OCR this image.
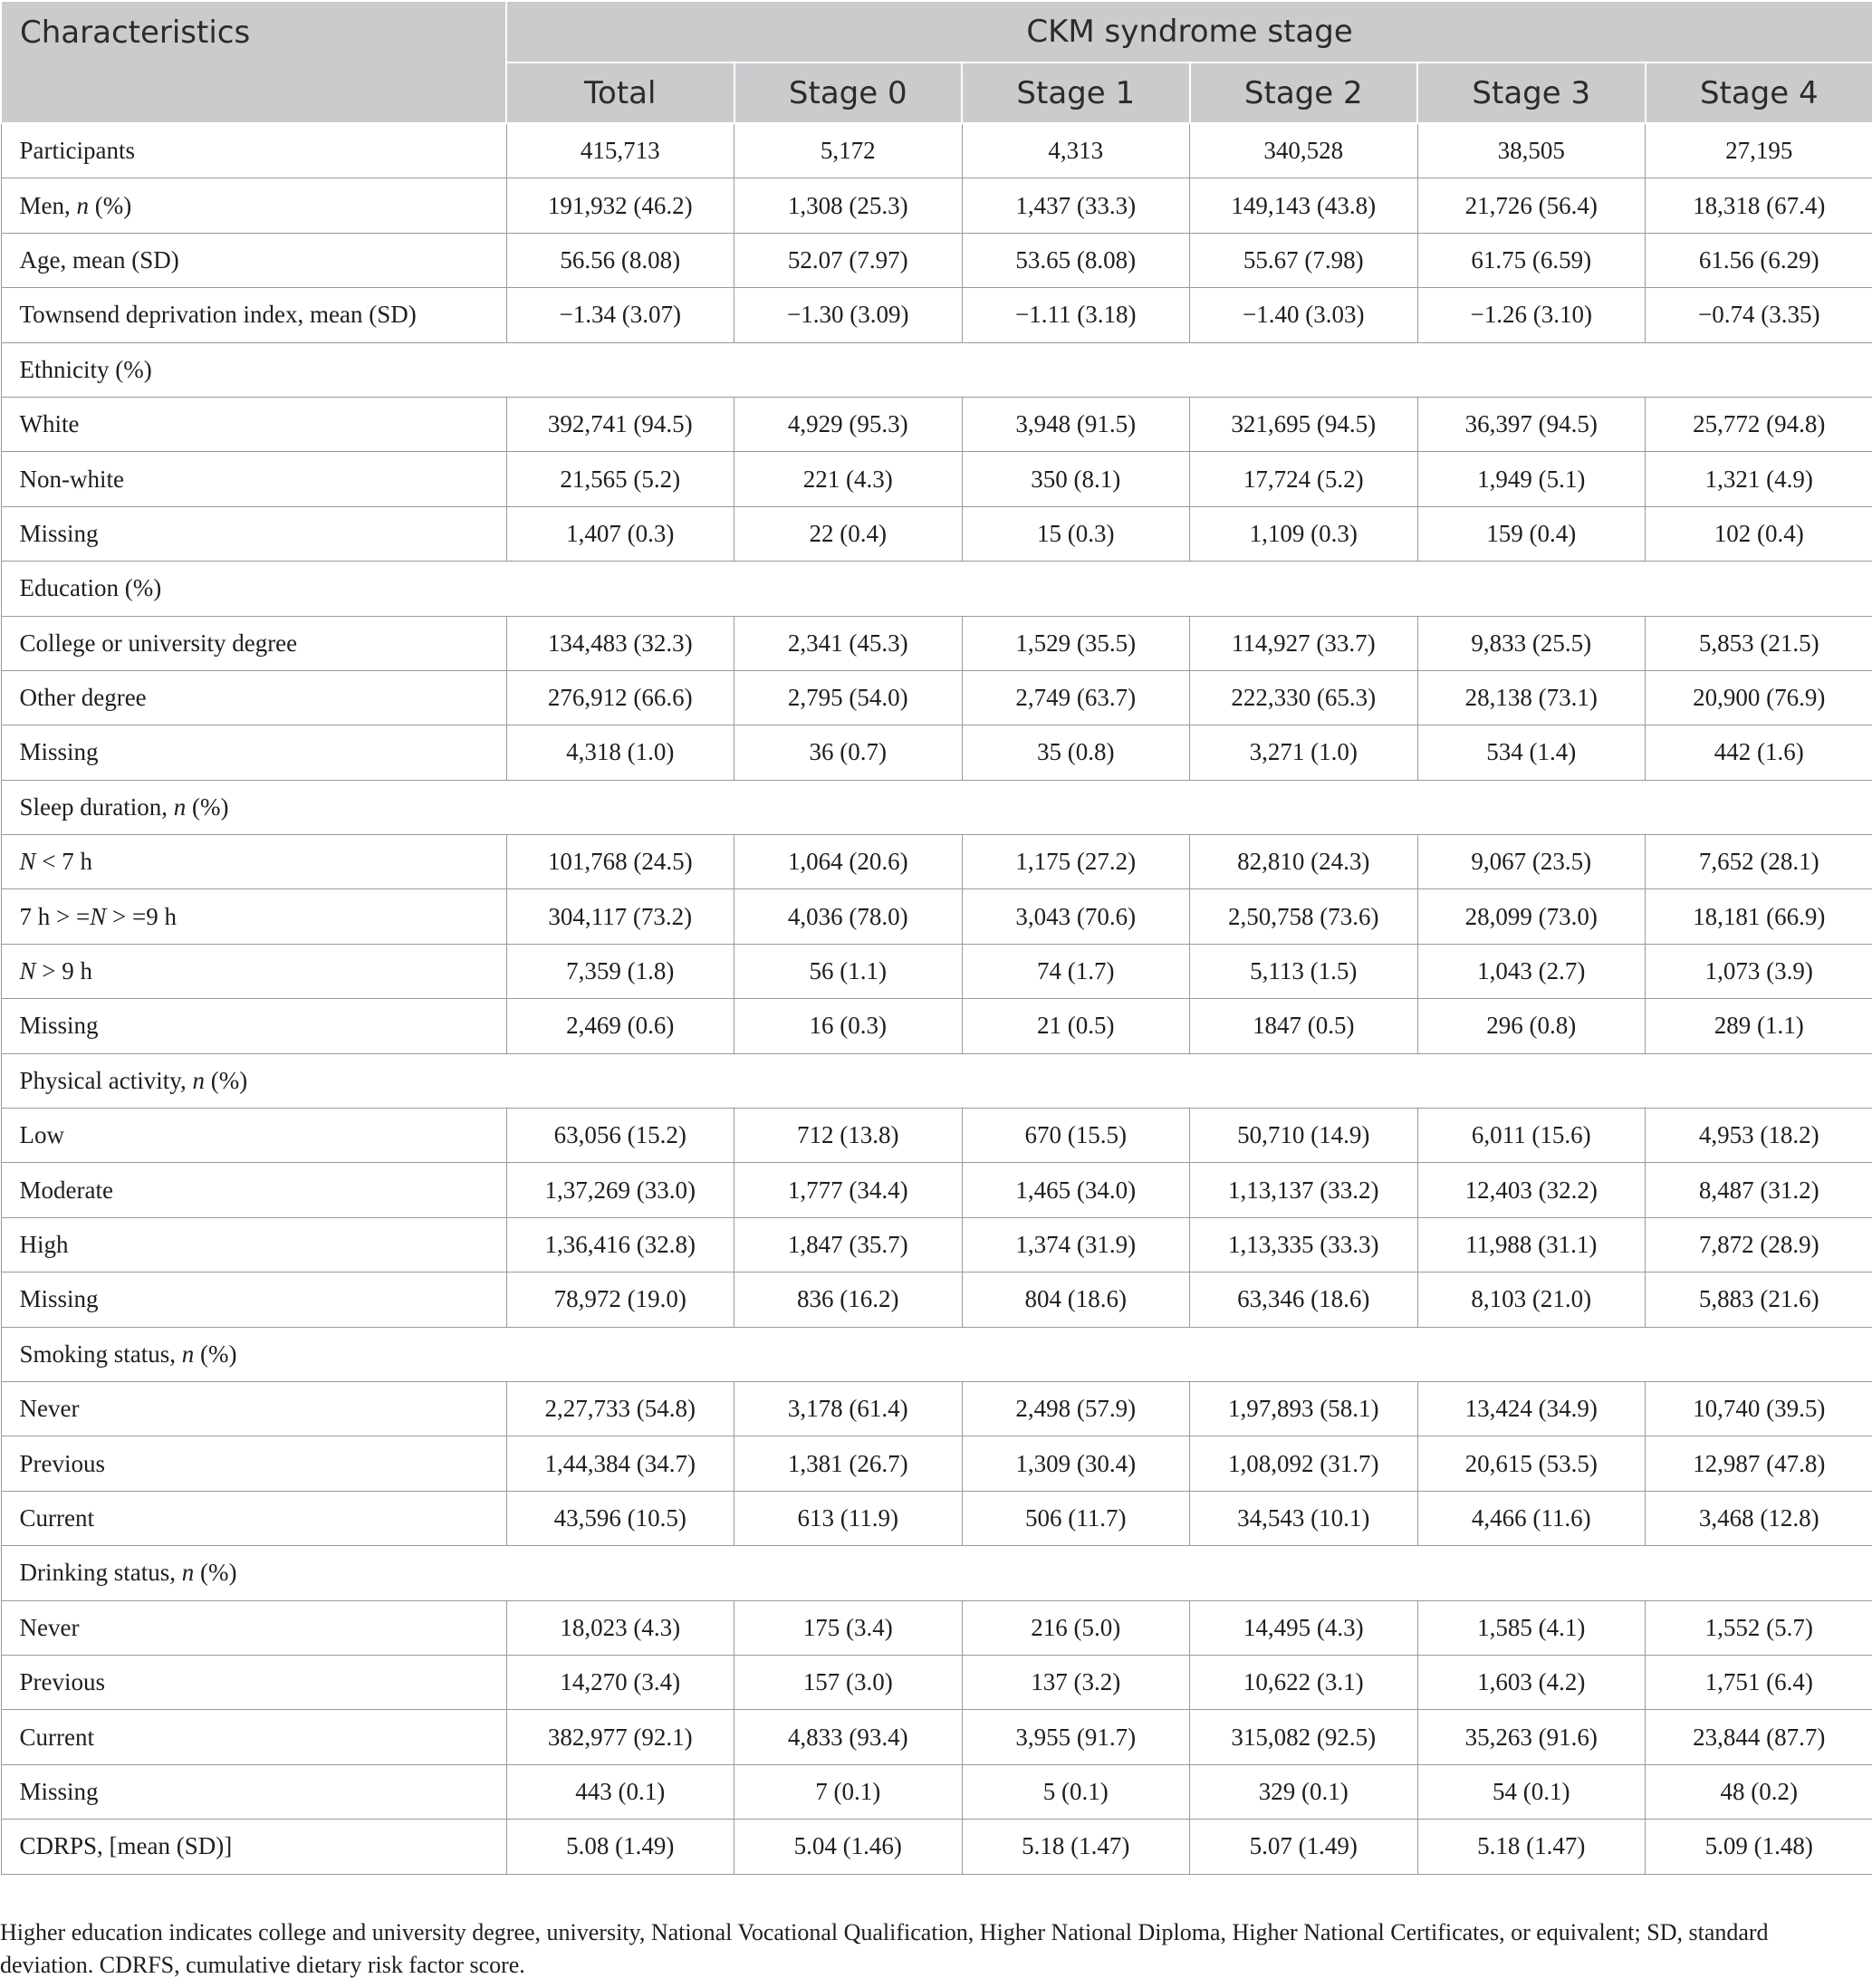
Characteristics	CKM syndrome stage					
	Total	Stage 0	Stage 1	Stage 2	Stage 3	Stage 4
Participants	415,713	5,172	4,313	340,528	38,505	27,195
Men, n (%)	191,932 (46.2)	1,308 (25.3)	1,437 (33.3)	149,143 (43.8)	21,726 (56.4)	18,318 (67.4)
Age, mean (SD)	56.56 (8.08)	52.07 (7.97)	53.65 (8.08)	55.67 (7.98)	61.75 (6.59)	61.56 (6.29)
Townsend deprivation index, mean (SD)	−1.34 (3.07)	−1.30 (3.09)	−1.11 (3.18)	−1.40 (3.03)	−1.26 (3.10)	−0.74 (3.35)
Ethnicity (%)						
White	392,741 (94.5)	4,929 (95.3)	3,948 (91.5)	321,695 (94.5)	36,397 (94.5)	25,772 (94.8)
Non-white	21,565 (5.2)	221 (4.3)	350 (8.1)	17,724 (5.2)	1,949 (5.1)	1,321 (4.9)
Missing	1,407 (0.3)	22 (0.4)	15 (0.3)	1,109 (0.3)	159 (0.4)	102 (0.4)
Education (%)						
College or university degree	134,483 (32.3)	2,341 (45.3)	1,529 (35.5)	114,927 (33.7)	9,833 (25.5)	5,853 (21.5)
Other degree	276,912 (66.6)	2,795 (54.0)	2,749 (63.7)	222,330 (65.3)	28,138 (73.1)	20,900 (76.9)
Missing	4,318 (1.0)	36 (0.7)	35 (0.8)	3,271 (1.0)	534 (1.4)	442 (1.6)
Sleep duration, n (%)						
N < 7 h	101,768 (24.5)	1,064 (20.6)	1,175 (27.2)	82,810 (24.3)	9,067 (23.5)	7,652 (28.1)
7 h > =N > =9 h	304,117 (73.2)	4,036 (78.0)	3,043 (70.6)	2,50,758 (73.6)	28,099 (73.0)	18,181 (66.9)
N > 9 h	7,359 (1.8)	56 (1.1)	74 (1.7)	5,113 (1.5)	1,043 (2.7)	1,073 (3.9)
Missing	2,469 (0.6)	16 (0.3)	21 (0.5)	1847 (0.5)	296 (0.8)	289 (1.1)
Physical activity, n (%)						
Low	63,056 (15.2)	712 (13.8)	670 (15.5)	50,710 (14.9)	6,011 (15.6)	4,953 (18.2)
Moderate	1,37,269 (33.0)	1,777 (34.4)	1,465 (34.0)	1,13,137 (33.2)	12,403 (32.2)	8,487 (31.2)
High	1,36,416 (32.8)	1,847 (35.7)	1,374 (31.9)	1,13,335 (33.3)	11,988 (31.1)	7,872 (28.9)
Missing	78,972 (19.0)	836 (16.2)	804 (18.6)	63,346 (18.6)	8,103 (21.0)	5,883 (21.6)
Smoking status, n (%)						
Never	2,27,733 (54.8)	3,178 (61.4)	2,498 (57.9)	1,97,893 (58.1)	13,424 (34.9)	10,740 (39.5)
Previous	1,44,384 (34.7)	1,381 (26.7)	1,309 (30.4)	1,08,092 (31.7)	20,615 (53.5)	12,987 (47.8)
Current	43,596 (10.5)	613 (11.9)	506 (11.7)	34,543 (10.1)	4,466 (11.6)	3,468 (12.8)
Drinking status, n (%)						
Never	18,023 (4.3)	175 (3.4)	216 (5.0)	14,495 (4.3)	1,585 (4.1)	1,552 (5.7)
Previous	14,270 (3.4)	157 (3.0)	137 (3.2)	10,622 (3.1)	1,603 (4.2)	1,751 (6.4)
Current	382,977 (92.1)	4,833 (93.4)	3,955 (91.7)	315,082 (92.5)	35,263 (91.6)	23,844 (87.7)
Missing	443 (0.1)	7 (0.1)	5 (0.1)	329 (0.1)	54 (0.1)	48 (0.2)
CDRPS, [mean (SD)]	5.08 (1.49)	5.04 (1.46)	5.18 (1.47)	5.07 (1.49)	5.18 (1.47)	5.09 (1.48)

Higher education indicates college and university degree, university, National Vocational Qualification, Higher National Diploma, Higher National Certificates, or equivalent; SD, standard deviation. CDRFS, cumulative dietary risk factor score.
